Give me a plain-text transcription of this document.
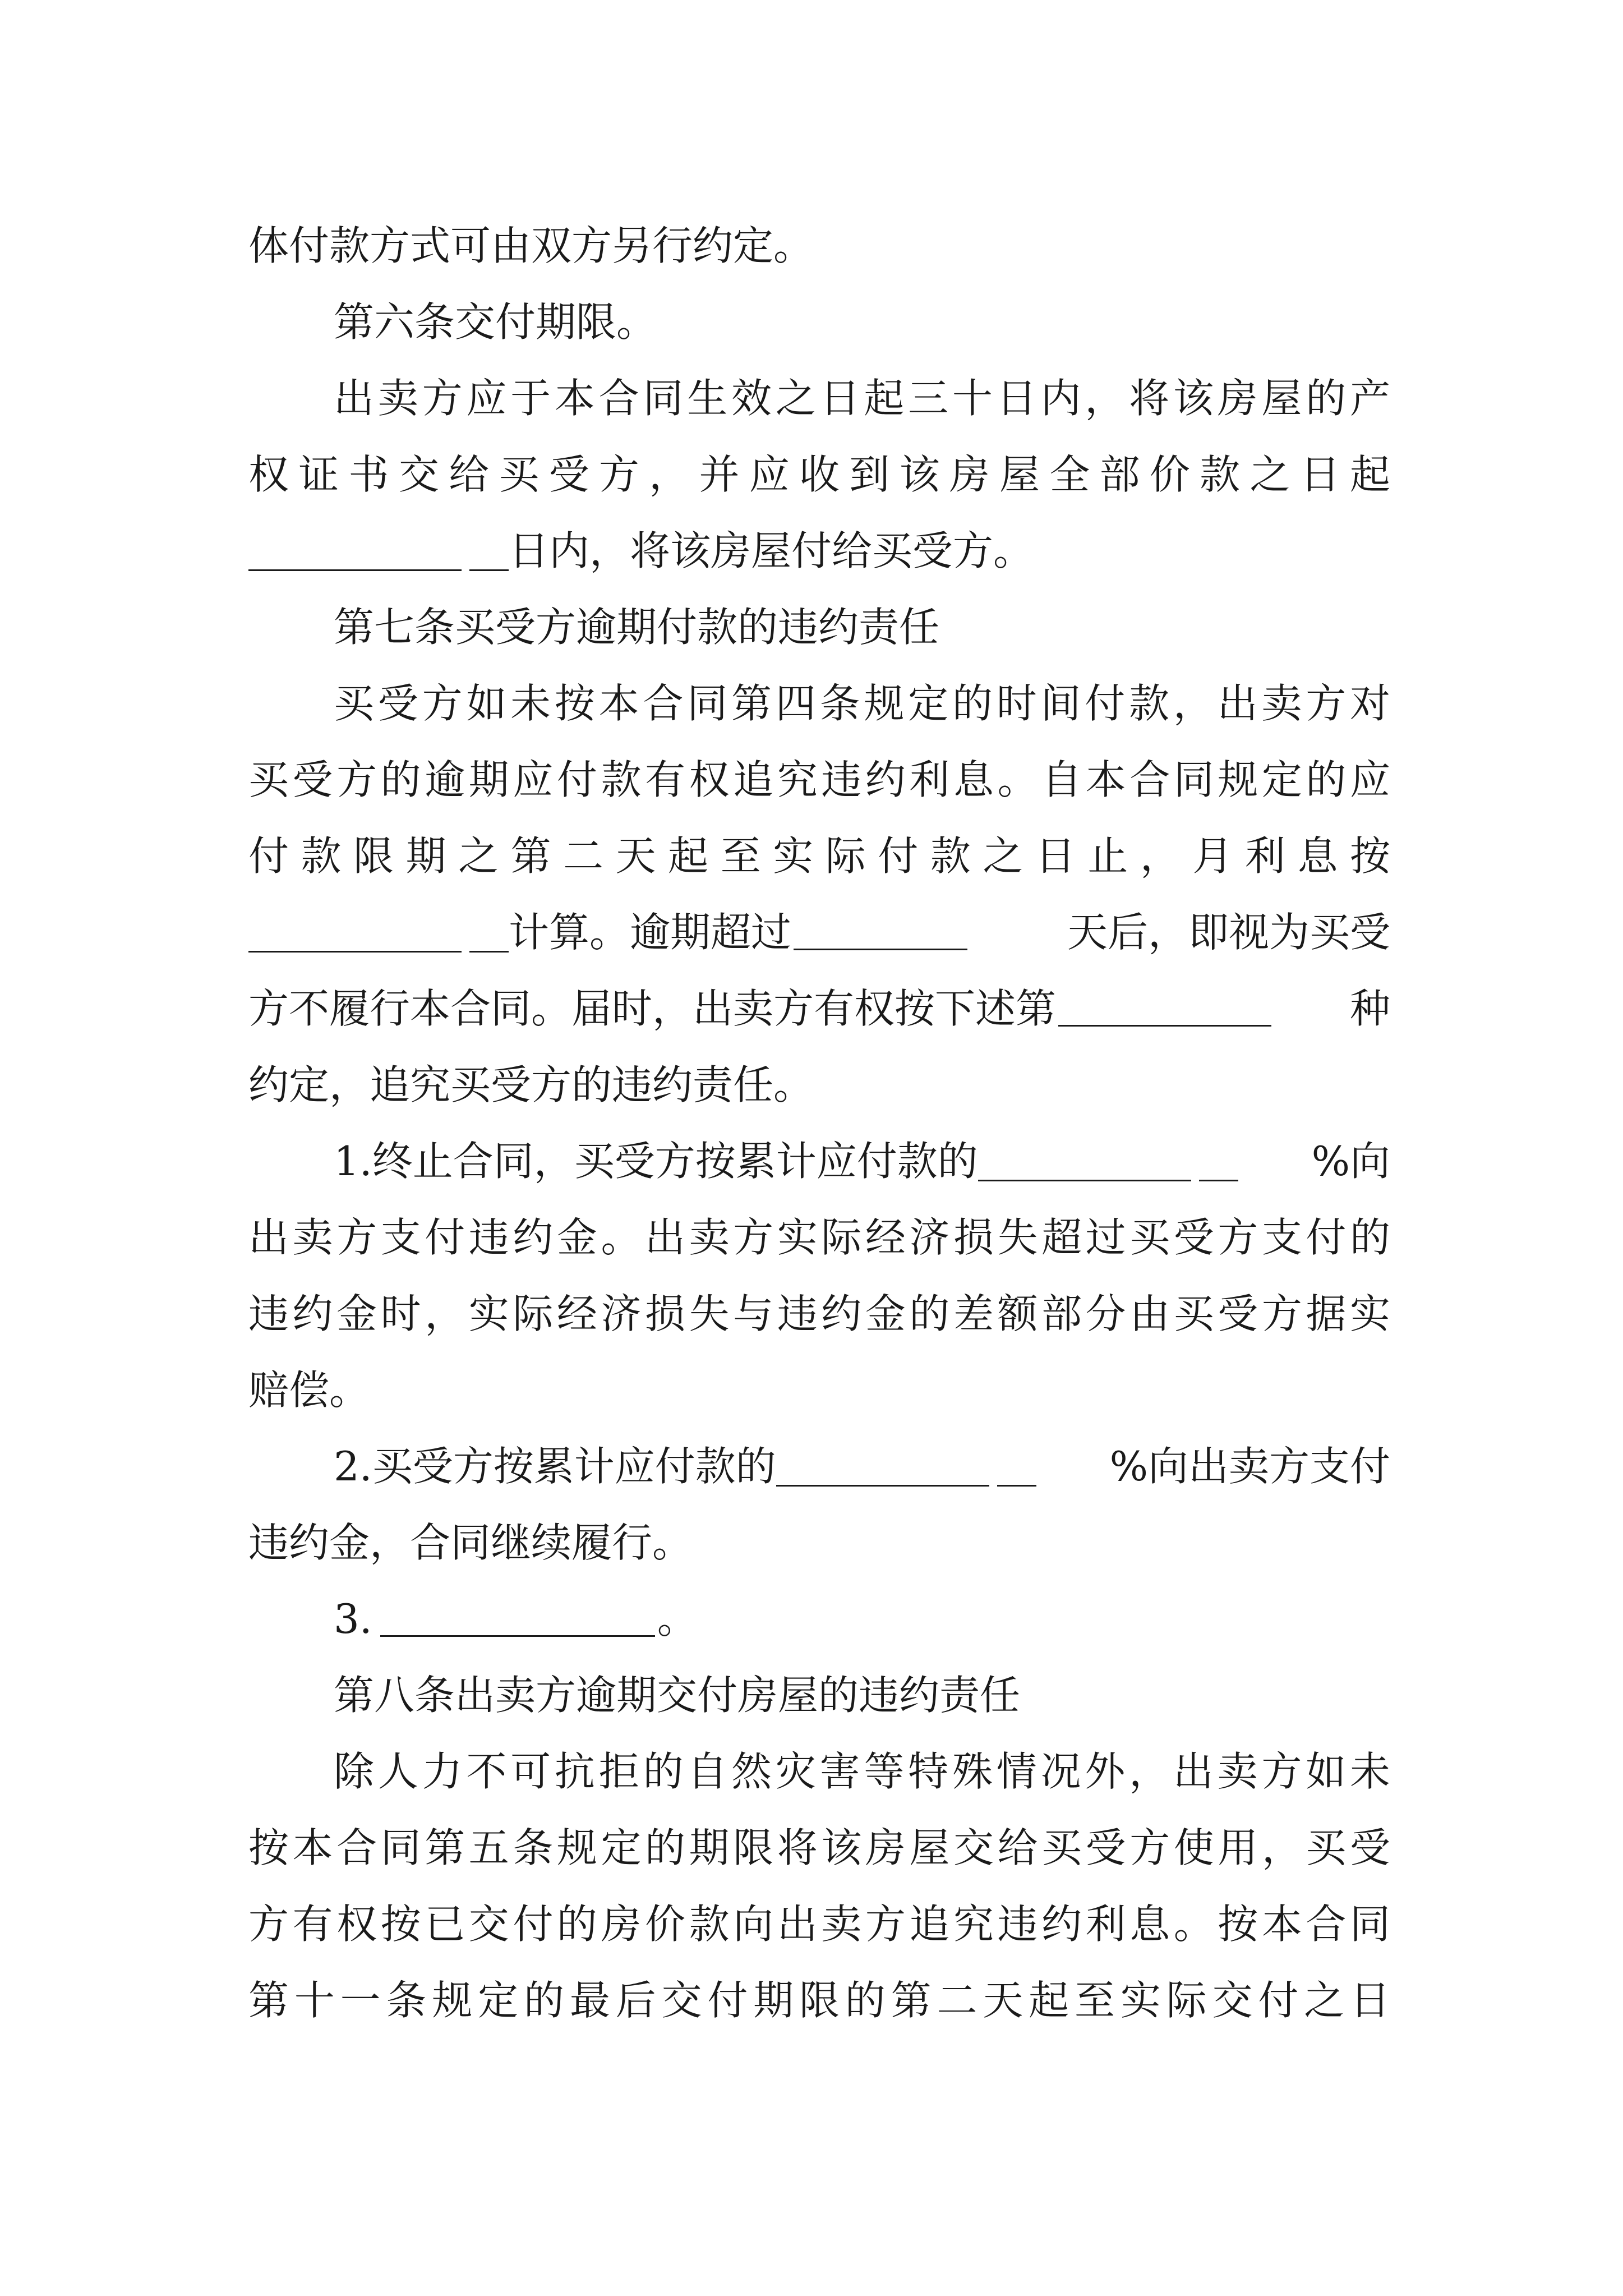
体付款方式可由双方另行约定。
第六条交付期限。
出卖方应于本合同生效之日起三十日内，将该房屋的产
权证书交给买受方，并应收到该房屋全部价款之日起
日内，将该房屋付给买受方。
第七条买受方逾期付款的违约责任
买受方如未按本合同第四条规定的时间付款，出卖方对
买受方的逾期应付款有权追究违约利息。自本合同规定的应
付款限期之第二天起至实际付款之日止，月利息按
计算。逾期超过	天后，即视为买受
方不履行本合同。届时，出卖方有权按下述第	种
约定，追究买受方的违约责任。
1.终止合同，买受方按累计应付款的	%向
出卖方支付违约金。出卖方实际经济损失超过买受方支付的
违约金时，实际经济损失与违约金的差额部分由买受方据实
赔偿。
2.买受方按累计应付款的	%向出卖方支付
违约金，合同继续履行。
3.	。
第八条出卖方逾期交付房屋的违约责任
除人力不可抗拒的自然灾害等特殊情况外，出卖方如未
按本合同第五条规定的期限将该房屋交给买受方使用，买受
方有权按已交付的房价款向出卖方追究违约利息。按本合同
第十一条规定的最后交付期限的第二天起至实际交付之日
